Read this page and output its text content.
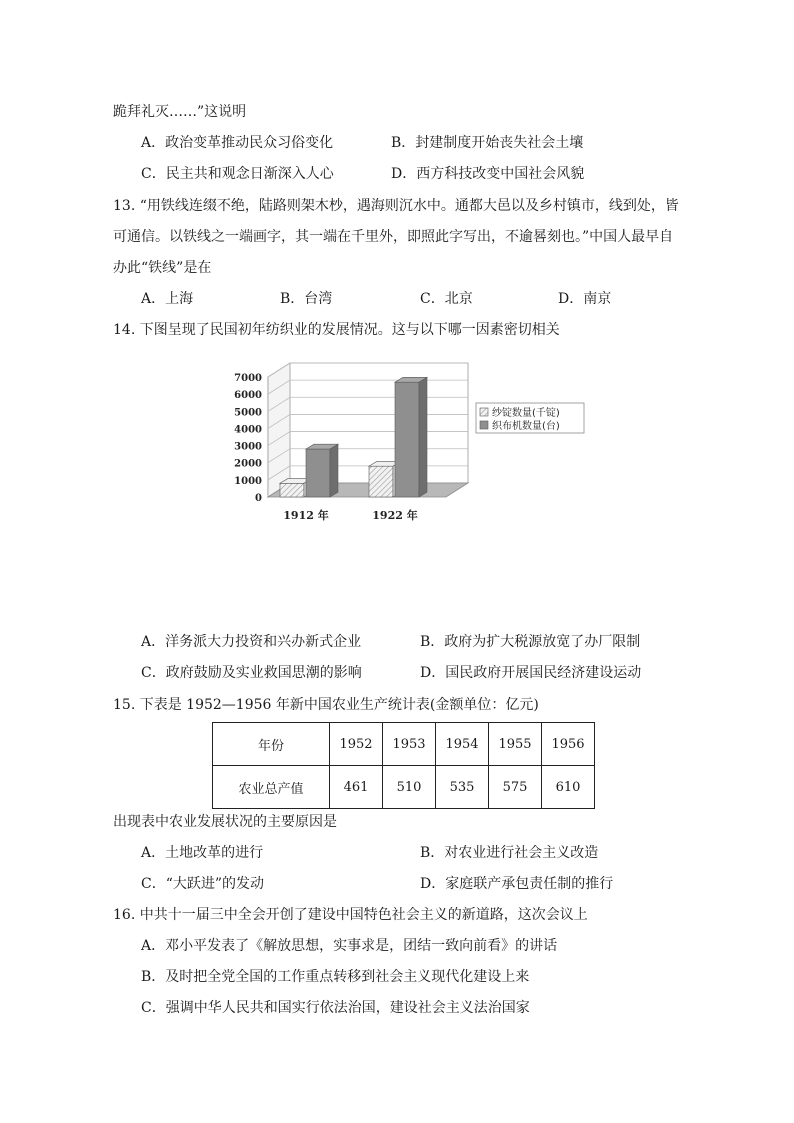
跪拜礼灭……”这说明
A．政治变革推动民众习俗变化	B．封建制度开始丧失社会土壤
C．民主共和观念日渐深入人心	D．西方科技改变中国社会风貌
13. “用铁线连缀不绝，陆路则架木杪，遇海则沉水中。通都大邑以及乡村镇市，线到处，皆
可通信。以铁线之一端画字，其一端在千里外，即照此字写出，不逾晷刻也。”中国人最早自
办此“铁线”是在
A．上海	B．台湾	C．北京	D．南京
14. 下图呈现了民国初年纺织业的发展情况。这与以下哪一因素密切相关
7000
6000
5000
4000
3000
2000
1000
0
1912 年	1922 年
纱锭数量(千锭)
织布机数量(台)
A．洋务派大力投资和兴办新式企业	B．政府为扩大税源放宽了办厂限制
C．政府鼓励及实业救国思潮的影响	D．国民政府开展国民经济建设运动
15. 下表是 1952—1956 年新中国农业生产统计表(金额单位：亿元)
年份	1952	1953	1954	1955	1956
农业总产值	461	510	535	575	610
出现表中农业发展状况的主要原因是
A．土地改革的进行	B．对农业进行社会主义改造
C．“大跃进”的发动	D．家庭联产承包责任制的推行
16. 中共十一届三中全会开创了建设中国特色社会主义的新道路，这次会议上
A．邓小平发表了《解放思想，实事求是，团结一致向前看》的讲话
B．及时把全党全国的工作重点转移到社会主义现代化建设上来
C．强调中华人民共和国实行依法治国，建设社会主义法治国家
